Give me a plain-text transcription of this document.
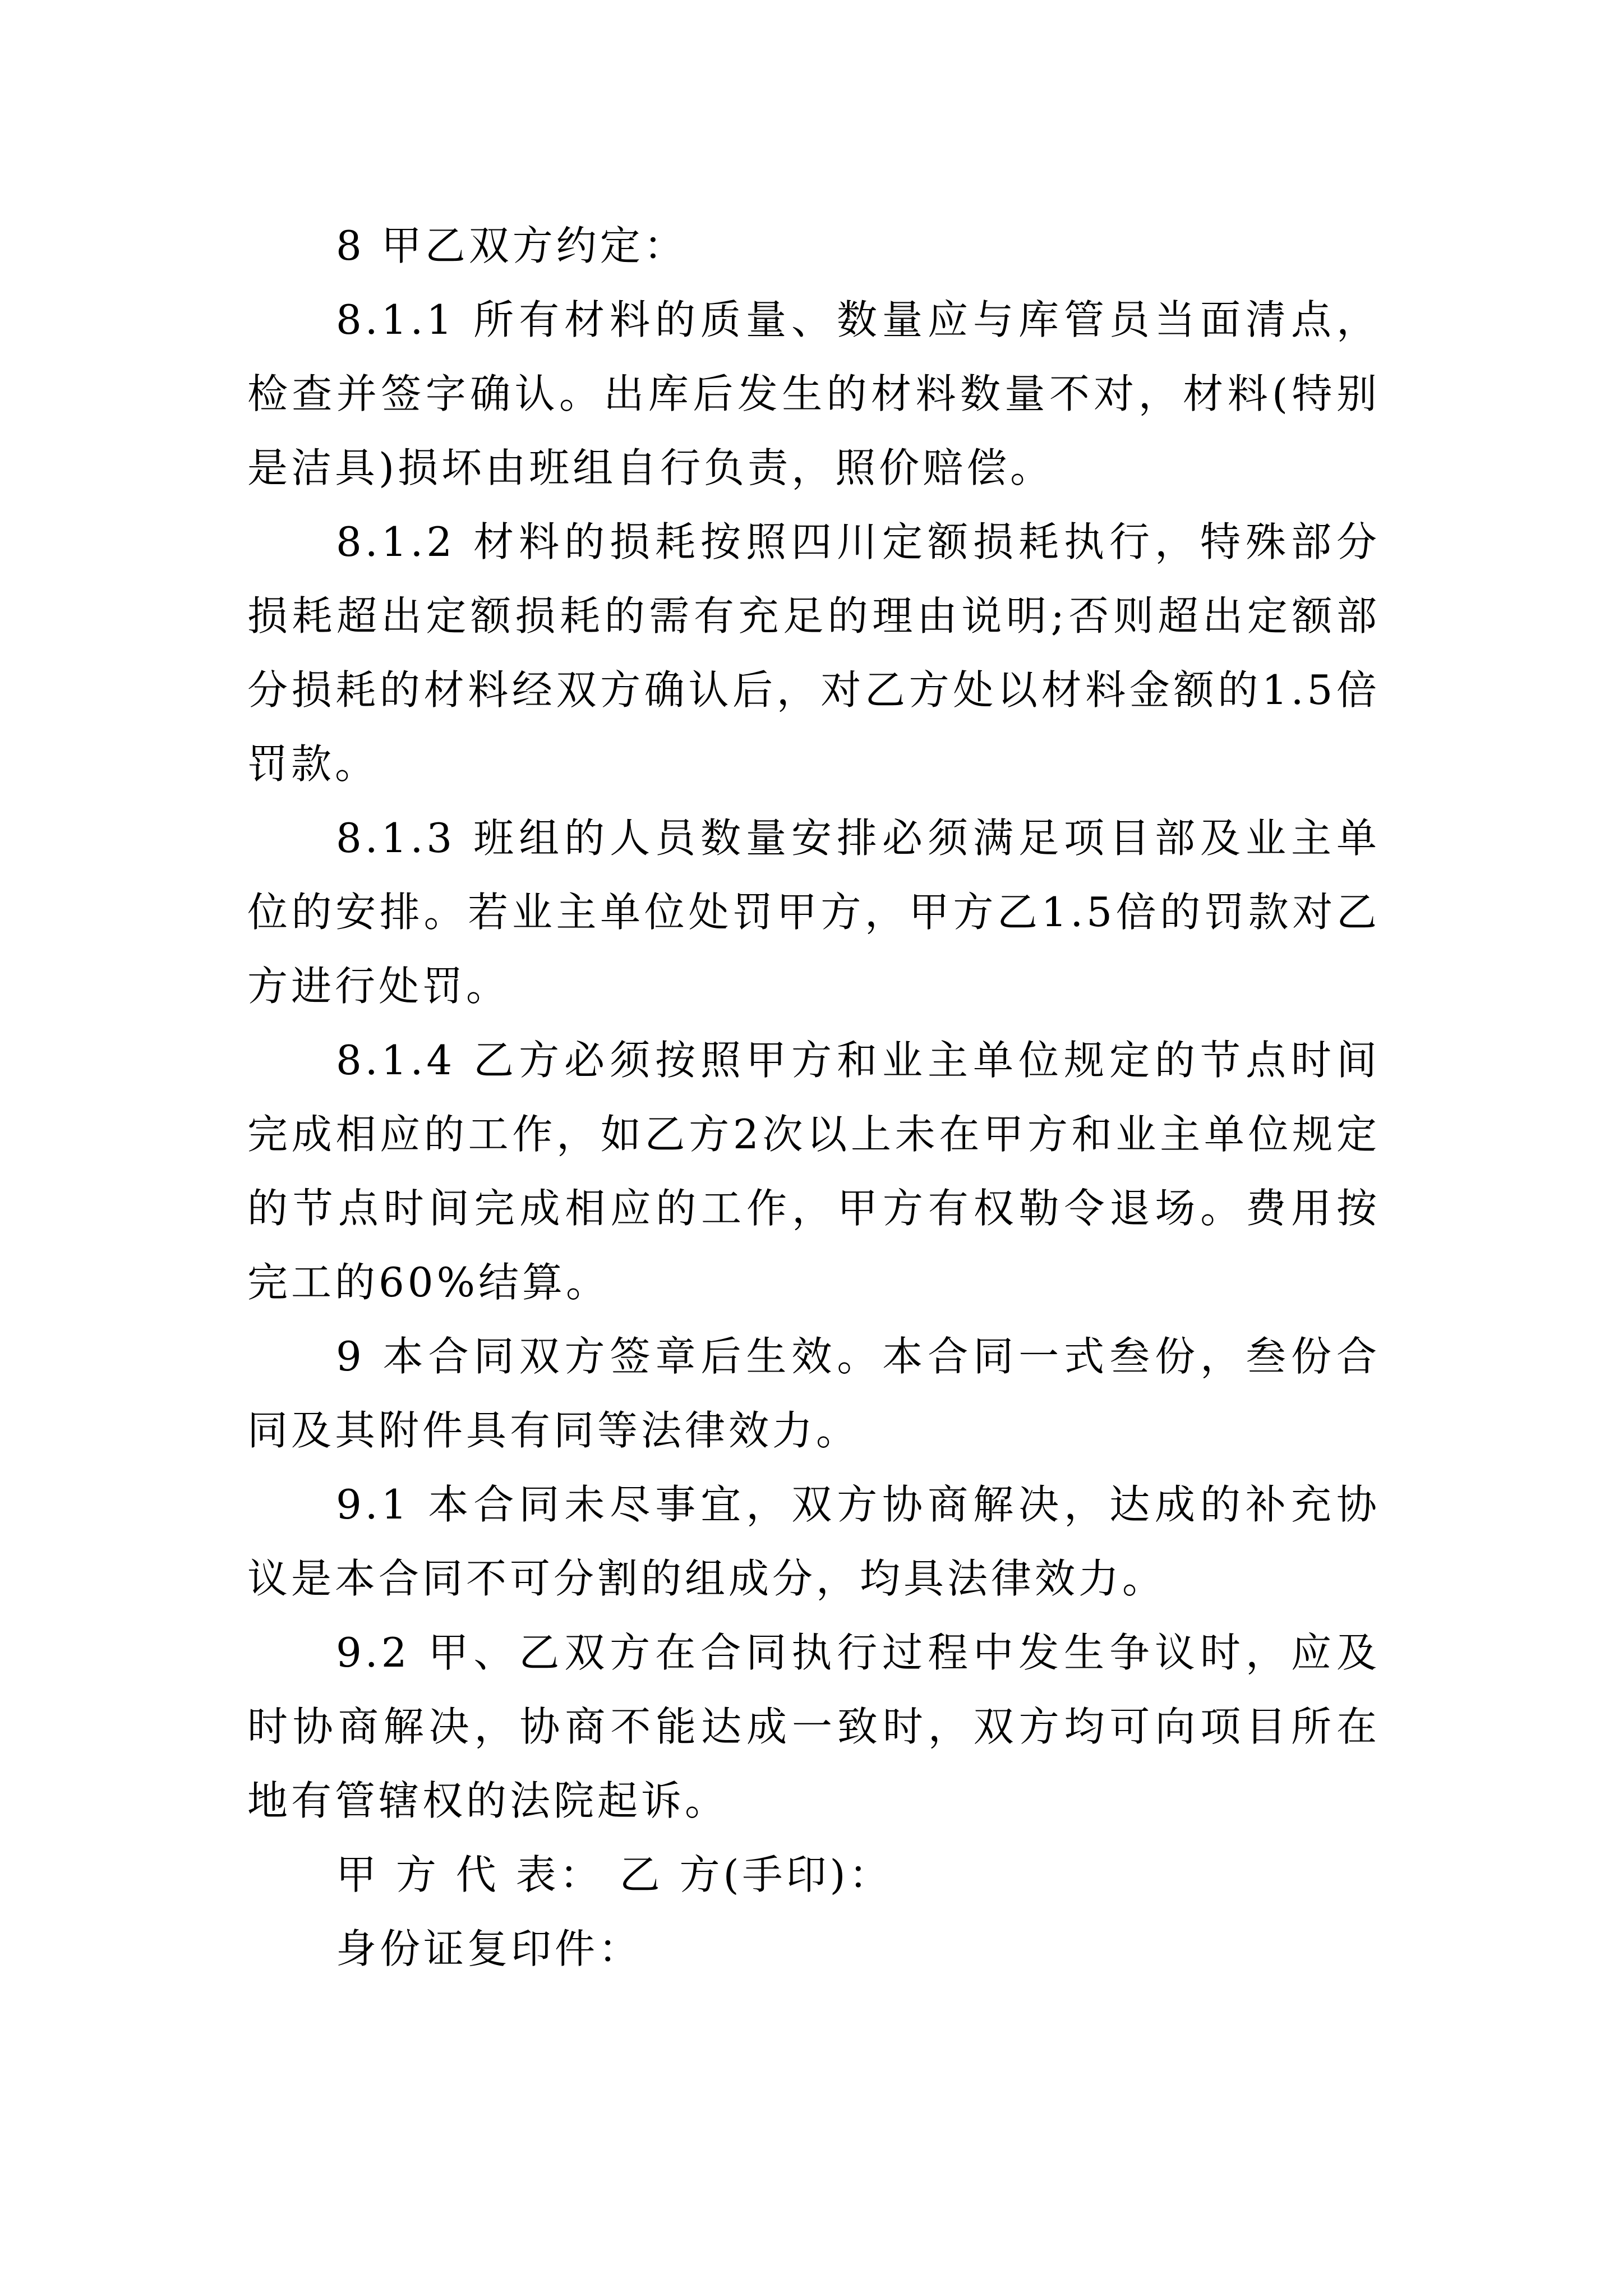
8 甲乙双方约定：

8.1.1 所有材料的质量、数量应与库管员当面清点，检查并签字确认。出库后发生的材料数量不对，材料(特别是洁具)损坏由班组自行负责，照价赔偿。

8.1.2 材料的损耗按照四川定额损耗执行，特殊部分损耗超出定额损耗的需有充足的理由说明;否则超出定额部分损耗的材料经双方确认后，对乙方处以材料金额的1.5倍罚款。

8.1.3 班组的人员数量安排必须满足项目部及业主单位的安排。若业主单位处罚甲方，甲方乙1.5倍的罚款对乙方进行处罚。

8.1.4 乙方必须按照甲方和业主单位规定的节点时间完成相应的工作，如乙方2次以上未在甲方和业主单位规定的节点时间完成相应的工作，甲方有权勒令退场。费用按完工的60%结算。

9 本合同双方签章后生效。本合同一式叁份，叁份合同及其附件具有同等法律效力。

9.1 本合同未尽事宜，双方协商解决，达成的补充协议是本合同不可分割的组成分，均具法律效力。

9.2 甲、乙双方在合同执行过程中发生争议时，应及时协商解决，协商不能达成一致时，双方均可向项目所在地有管辖权的法院起诉。

甲 方 代 表： 乙 方(手印)：

身份证复印件：
